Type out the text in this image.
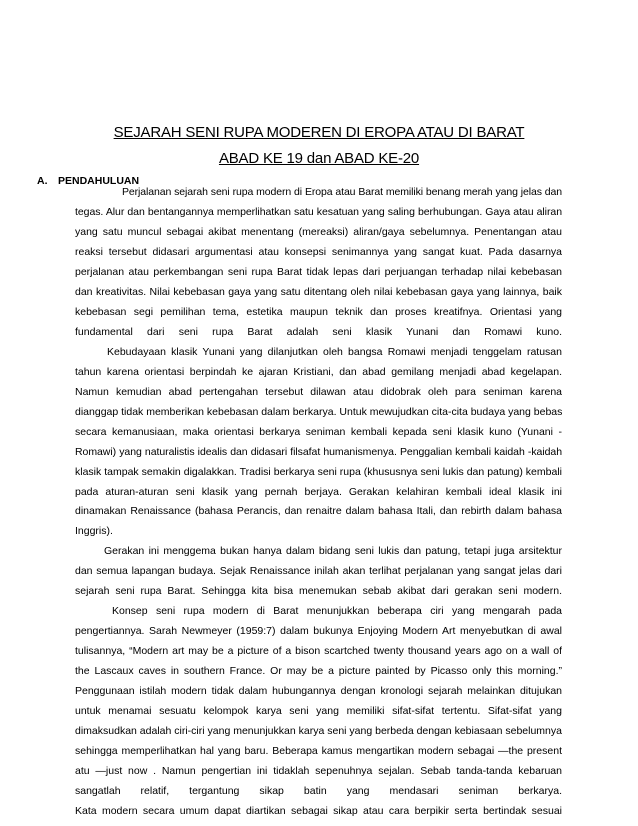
SEJARAH SENI RUPA MODEREN DI EROPA ATAU DI BARAT
ABAD KE 19 dan ABAD KE-20
A. PENDAHULUAN
Perjalanan sejarah seni rupa modern di Eropa atau Barat memiliki benang merah yang jelas dan
tegas. Alur dan bentangannya memperlihatkan satu kesatuan yang saling berhubungan. Gaya atau aliran
yang satu muncul sebagai akibat menentang (mereaksi) aliran/gaya sebelumnya. Penentangan atau
reaksi tersebut didasari argumentasi atau konsepsi senimannya yang sangat kuat. Pada dasarnya
perjalanan atau perkembangan seni rupa Barat tidak lepas dari perjuangan terhadap nilai kebebasan
dan kreativitas. Nilai kebebasan gaya yang satu ditentang oleh nilai kebebasan gaya yang lainnya, baik
kebebasan segi pemilihan tema, estetika maupun teknik dan proses kreatifnya. Orientasi yang
fundamental dari seni rupa Barat adalah seni klasik Yunani dan Romawi kuno.
Kebudayaan klasik Yunani yang dilanjutkan oleh bangsa Romawi menjadi tenggelam ratusan
tahun karena orientasi berpindah ke ajaran Kristiani, dan abad gemilang menjadi abad kegelapan.
Namun kemudian abad pertengahan tersebut dilawan atau didobrak oleh para seniman karena
dianggap tidak memberikan kebebasan dalam berkarya. Untuk mewujudkan cita-cita budaya yang bebas
secara kemanusiaan, maka orientasi berkarya seniman kembali kepada seni klasik kuno (Yunani -
Romawi) yang naturalistis idealis dan didasari filsafat humanismenya. Penggalian kembali kaidah -kaidah
klasik tampak semakin digalakkan. Tradisi berkarya seni rupa (khususnya seni lukis dan patung) kembali
pada aturan-aturan seni klasik yang pernah berjaya. Gerakan kelahiran kembali ideal klasik ini
dinamakan Renaissance (bahasa Perancis, dan renaitre dalam bahasa Itali, dan rebirth dalam bahasa
Inggris).
Gerakan ini menggema bukan hanya dalam bidang seni lukis dan patung, tetapi juga arsitektur
dan semua lapangan budaya. Sejak Renaissance inilah akan terlihat perjalanan yang sangat jelas dari
sejarah seni rupa Barat. Sehingga kita bisa menemukan sebab akibat dari gerakan seni modern.
Konsep seni rupa modern di Barat menunjukkan beberapa ciri yang mengarah pada
pengertiannya. Sarah Newmeyer (1959:7) dalam bukunya Enjoying Modern Art menyebutkan di awal
tulisannya, “Modern art may be a picture of a bison scartched twenty thousand years ago on a wall of
the Lascaux caves in southern France. Or may be a picture painted by Picasso only this morning.”
Penggunaan istilah modern tidak dalam hubungannya dengan kronologi sejarah melainkan ditujukan
untuk menamai sesuatu kelompok karya seni yang memiliki sifat-sifat tertentu. Sifat-sifat yang
dimaksudkan adalah ciri-ciri yang menunjukkan karya seni yang berbeda dengan kebiasaan sebelumnya
sehingga memperlihatkan hal yang baru. Beberapa kamus mengartikan modern sebagai —the present
atu —just now . Namun pengertian ini tidaklah sepenuhnya sejalan. Sebab tanda-tanda kebaruan
sangatlah relatif, tergantung sikap batin yang mendasari seniman berkarya.
Kata modern secara umum dapat diartikan sebagai sikap atau cara berpikir serta bertindak sesuai
